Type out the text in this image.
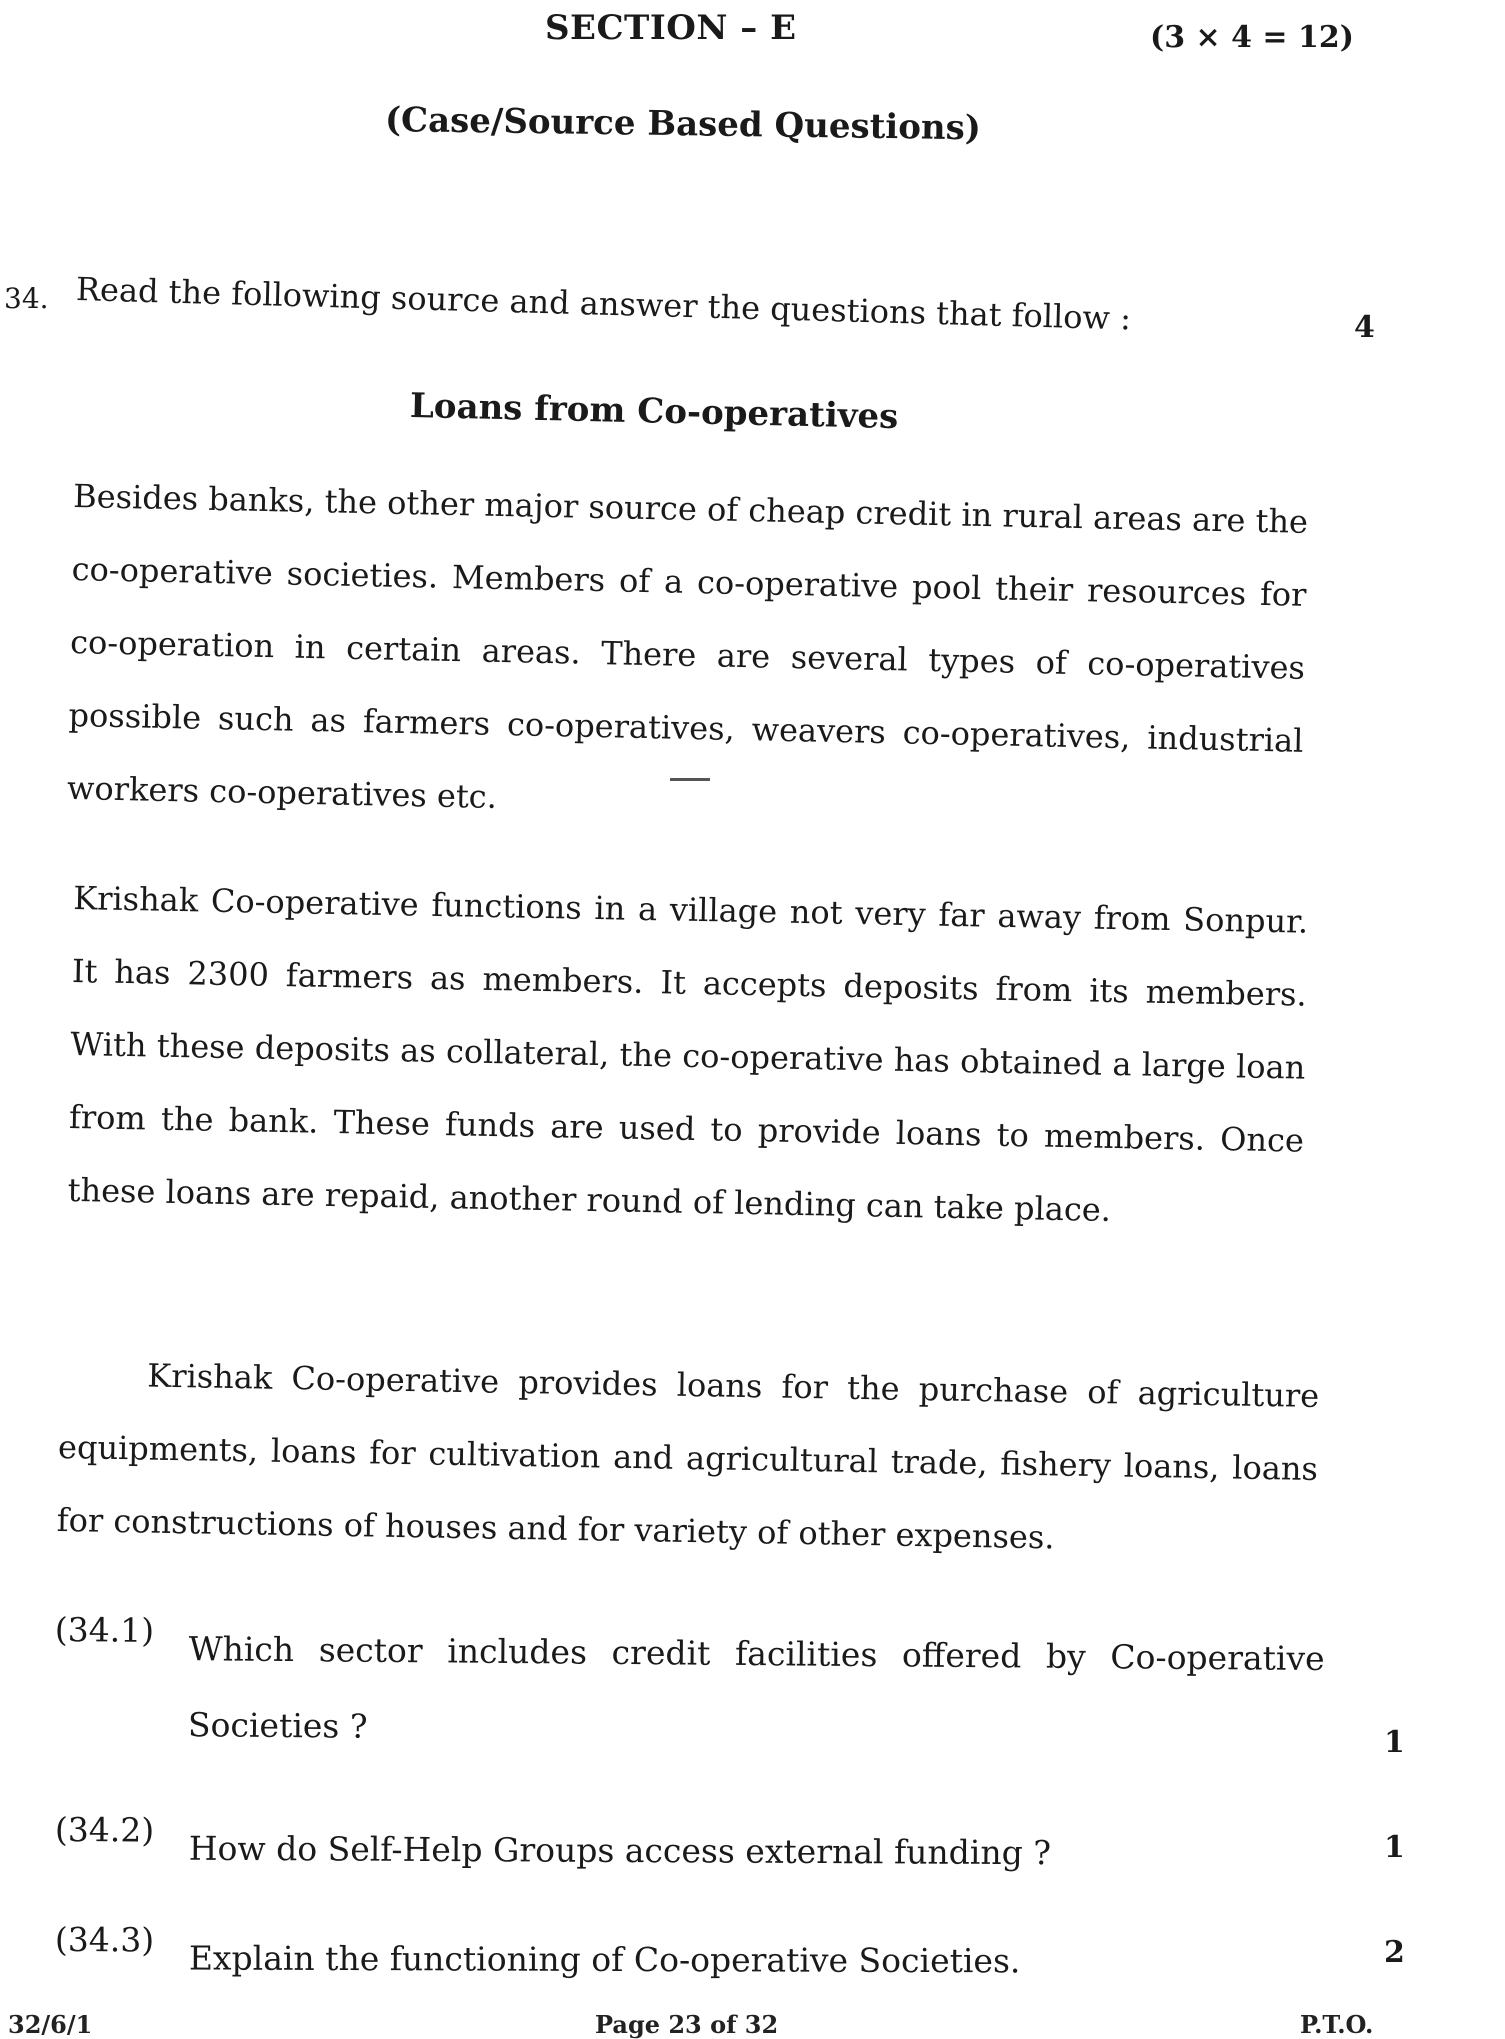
SECTION – E	(3 × 4 = 12)
(Case/Source Based Questions)
34. Read the following source and answer the questions that follow :	4
Loans from Co-operatives
Besides banks, the other major source of cheap credit in rural areas are the co-operative societies. Members of a co-operative pool their resources for co-operation in certain areas. There are several types of co-operatives possible such as farmers co-operatives, weavers co-operatives, industrial workers co-operatives etc.
Krishak Co-operative functions in a village not very far away from Sonpur. It has 2300 farmers as members. It accepts deposits from its members. With these deposits as collateral, the co-operative has obtained a large loan from the bank. These funds are used to provide loans to members. Once these loans are repaid, another round of lending can take place.
Krishak Co-operative provides loans for the purchase of agriculture equipments, loans for cultivation and agricultural trade, fishery loans, loans for constructions of houses and for variety of other expenses.
(34.1)	Which sector includes credit facilities offered by Co-operative Societies ?	1
(34.2)	How do Self-Help Groups access external funding ?	1
(34.3)	Explain the functioning of Co-operative Societies.	2
32/6/1	Page 23 of 32	P.T.O.
